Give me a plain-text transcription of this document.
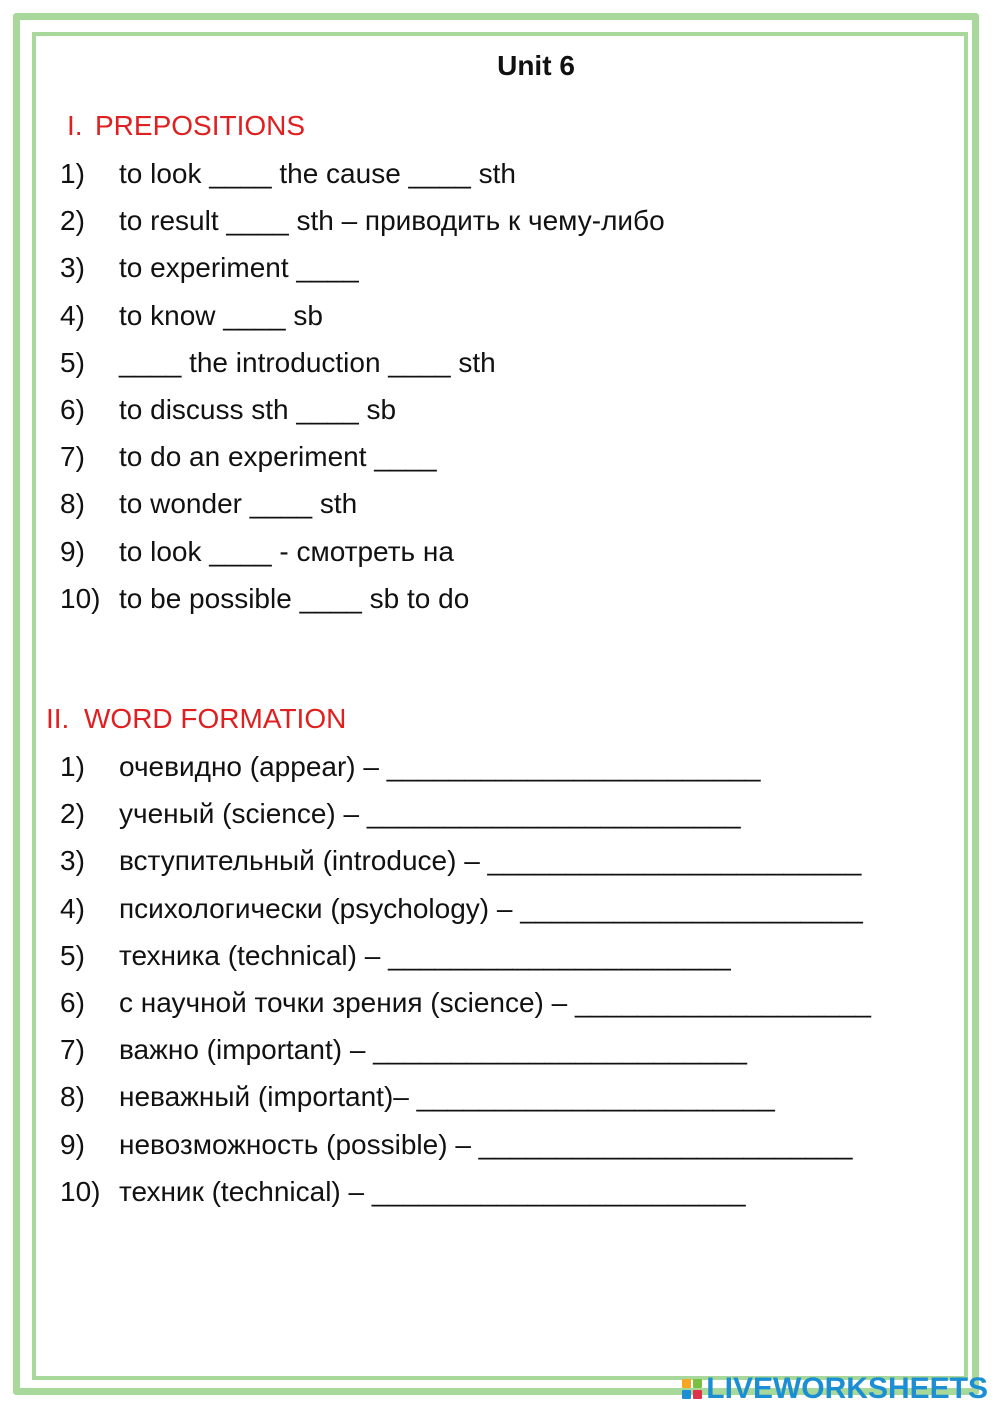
Unit 6
I. PREPOSITIONS
1) to look ____ the cause ____ sth
2) to result ____ sth – приводить к чему-либо
3) to experiment ____
4) to know ____ sb
5) ____ the introduction ____ sth
6) to discuss sth ____ sb
7) to do an experiment ____
8) to wonder ____ sth
9) to look ____ - смотреть на
10) to be possible ____ sb to do
II. WORD FORMATION
1) очевидно (appear) – ________________________
2) ученый (science) – ________________________
3) вступительный (introduce) – ________________________
4) психологически (psychology) – ______________________
5) техника (technical) – ______________________
6) с научной точки зрения (science) – ___________________
7) важно (important) – ________________________
8) неважный (important)– _______________________
9) невозможность (possible) – ________________________
10) техник (technical) – ________________________
LIVEWORKSHEETS
